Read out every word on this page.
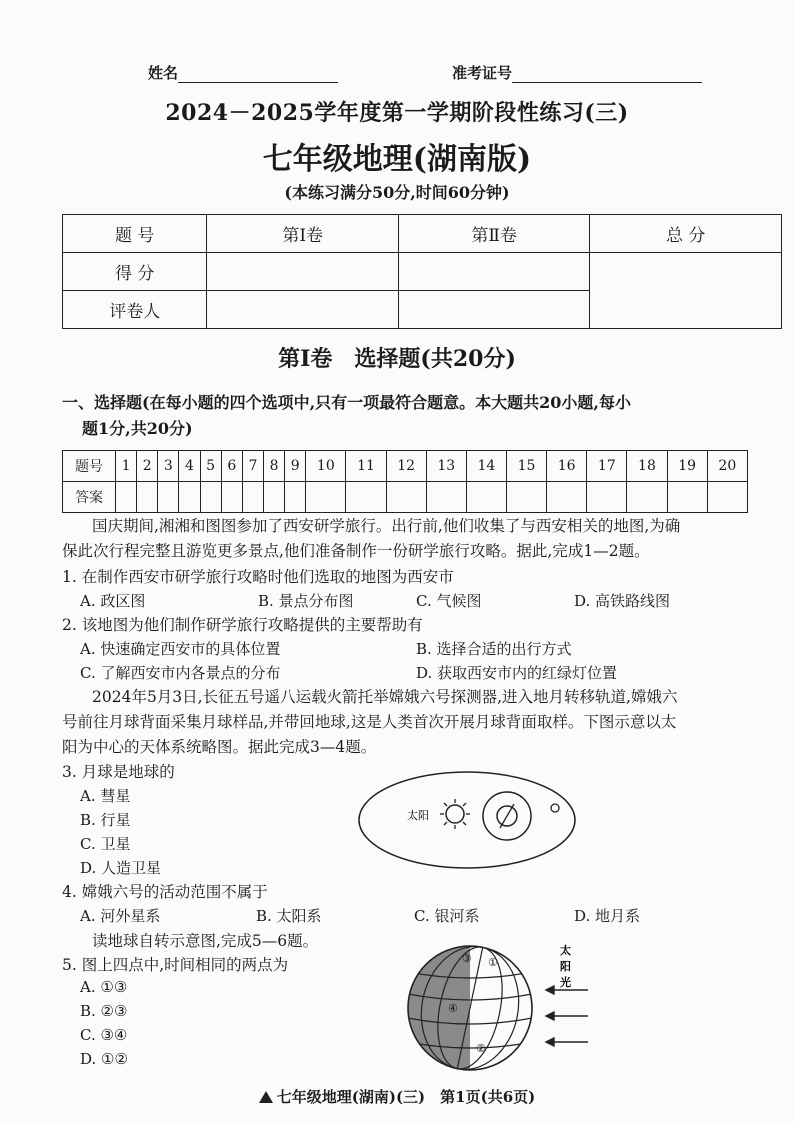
姓名	准考证号
2024－2025学年度第一学期阶段性练习(三)
七年级地理(湖南版)
(本练习满分50分,时间60分钟)
题 号	第Ⅰ卷	第Ⅱ卷	总 分
得 分			
评卷人			
第Ⅰ卷　选择题(共20分)
一、选择题(在每小题的四个选项中,只有一项最符合题意。本大题共20小题,每小
题1分,共20分)
题号	1	2	3	4	5	6	7	8	9	10	11	12	13	14	15	16	17	18	19	20
答案																				
国庆期间,湘湘和图图参加了西安研学旅行。出行前,他们收集了与西安相关的地图,为确
保此次行程完整且游览更多景点,他们准备制作一份研学旅行攻略。据此,完成1—2题。
1. 在制作西安市研学旅行攻略时他们选取的地图为西安市
A. 政区图	B. 景点分布图	C. 气候图	D. 高铁路线图
2. 该地图为他们制作研学旅行攻略提供的主要帮助有
A. 快速确定西安市的具体位置	B. 选择合适的出行方式
C. 了解西安市内各景点的分布	D. 获取西安市内的红绿灯位置
2024年5月3日,长征五号遥八运载火箭托举嫦娥六号探测器,进入地月转移轨道,嫦娥六
号前往月球背面采集月球样品,并带回地球,这是人类首次开展月球背面取样。下图示意以太
阳为中心的天体系统略图。据此完成3—4题。
3. 月球是地球的
A. 彗星
B. 行星
C. 卫星
D. 人造卫星
太阳
4. 嫦娥六号的活动范围不属于
A. 河外星系	B. 太阳系	C. 银河系	D. 地月系
读地球自转示意图,完成5—6题。
5. 图上四点中,时间相同的两点为
A. ①③
B. ②③
C. ③④
D. ①②
①
②
③
④
太
阳
光
七年级地理(湖南)(三)　第1页(共6页)
